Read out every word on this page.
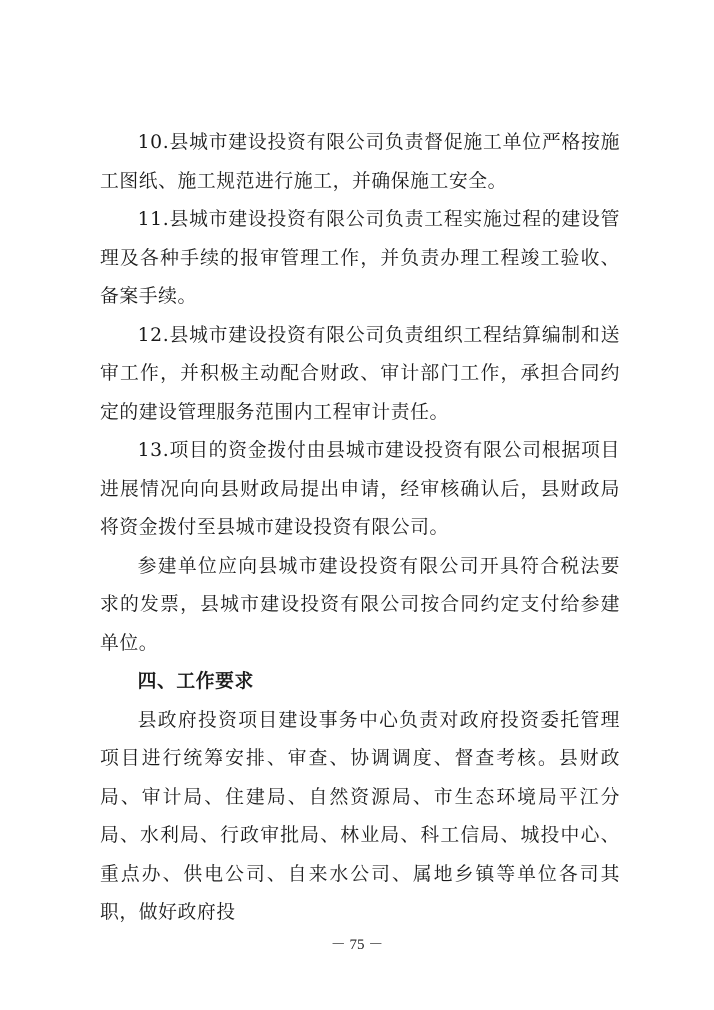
10.县城市建设投资有限公司负责督促施工单位严格按施工图纸、施工规范进行施工，并确保施工安全。

11.县城市建设投资有限公司负责工程实施过程的建设管理及各种手续的报审管理工作，并负责办理工程竣工验收、备案手续。

12.县城市建设投资有限公司负责组织工程结算编制和送审工作，并积极主动配合财政、审计部门工作，承担合同约定的建设管理服务范围内工程审计责任。

13.项目的资金拨付由县城市建设投资有限公司根据项目进展情况向向县财政局提出申请，经审核确认后，县财政局将资金拨付至县城市建设投资有限公司。

参建单位应向县城市建设投资有限公司开具符合税法要求的发票，县城市建设投资有限公司按合同约定支付给参建单位。

四、工作要求

县政府投资项目建设事务中心负责对政府投资委托管理项目进行统筹安排、审查、协调调度、督查考核。县财政局、审计局、住建局、自然资源局、市生态环境局平江分局、水利局、行政审批局、林业局、科工信局、城投中心、重点办、供电公司、自来水公司、属地乡镇等单位各司其职，做好政府投

－ 75 －
